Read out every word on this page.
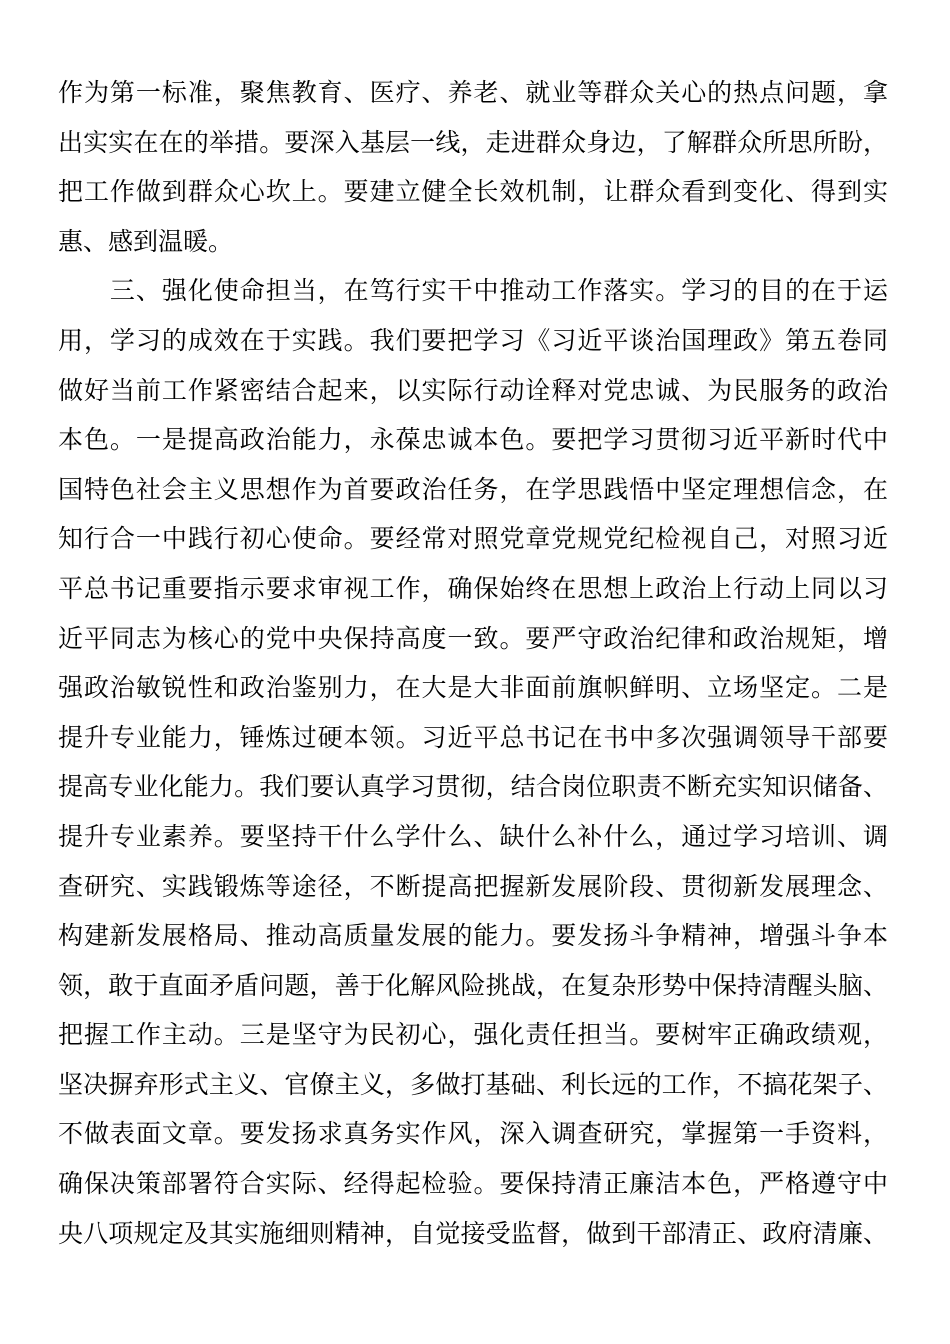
作为第一标准，聚焦教育、医疗、养老、就业等群众关心的热点问题，拿
出实实在在的举措。要深入基层一线，走进群众身边，了解群众所思所盼，
把工作做到群众心坎上。要建立健全长效机制，让群众看到变化、得到实
惠、感到温暖。
　　三、强化使命担当，在笃行实干中推动工作落实。学习的目的在于运
用，学习的成效在于实践。我们要把学习《习近平谈治国理政》第五卷同
做好当前工作紧密结合起来，以实际行动诠释对党忠诚、为民服务的政治
本色。一是提高政治能力，永葆忠诚本色。要把学习贯彻习近平新时代中
国特色社会主义思想作为首要政治任务，在学思践悟中坚定理想信念，在
知行合一中践行初心使命。要经常对照党章党规党纪检视自己，对照习近
平总书记重要指示要求审视工作，确保始终在思想上政治上行动上同以习
近平同志为核心的党中央保持高度一致。要严守政治纪律和政治规矩，增
强政治敏锐性和政治鉴别力，在大是大非面前旗帜鲜明、立场坚定。二是
提升专业能力，锤炼过硬本领。习近平总书记在书中多次强调领导干部要
提高专业化能力。我们要认真学习贯彻，结合岗位职责不断充实知识储备、
提升专业素养。要坚持干什么学什么、缺什么补什么，通过学习培训、调
查研究、实践锻炼等途径，不断提高把握新发展阶段、贯彻新发展理念、
构建新发展格局、推动高质量发展的能力。要发扬斗争精神，增强斗争本
领，敢于直面矛盾问题，善于化解风险挑战，在复杂形势中保持清醒头脑、
把握工作主动。三是坚守为民初心，强化责任担当。要树牢正确政绩观，
坚决摒弃形式主义、官僚主义，多做打基础、利长远的工作，不搞花架子、
不做表面文章。要发扬求真务实作风，深入调查研究，掌握第一手资料，
确保决策部署符合实际、经得起检验。要保持清正廉洁本色，严格遵守中
央八项规定及其实施细则精神，自觉接受监督，做到干部清正、政府清廉、
